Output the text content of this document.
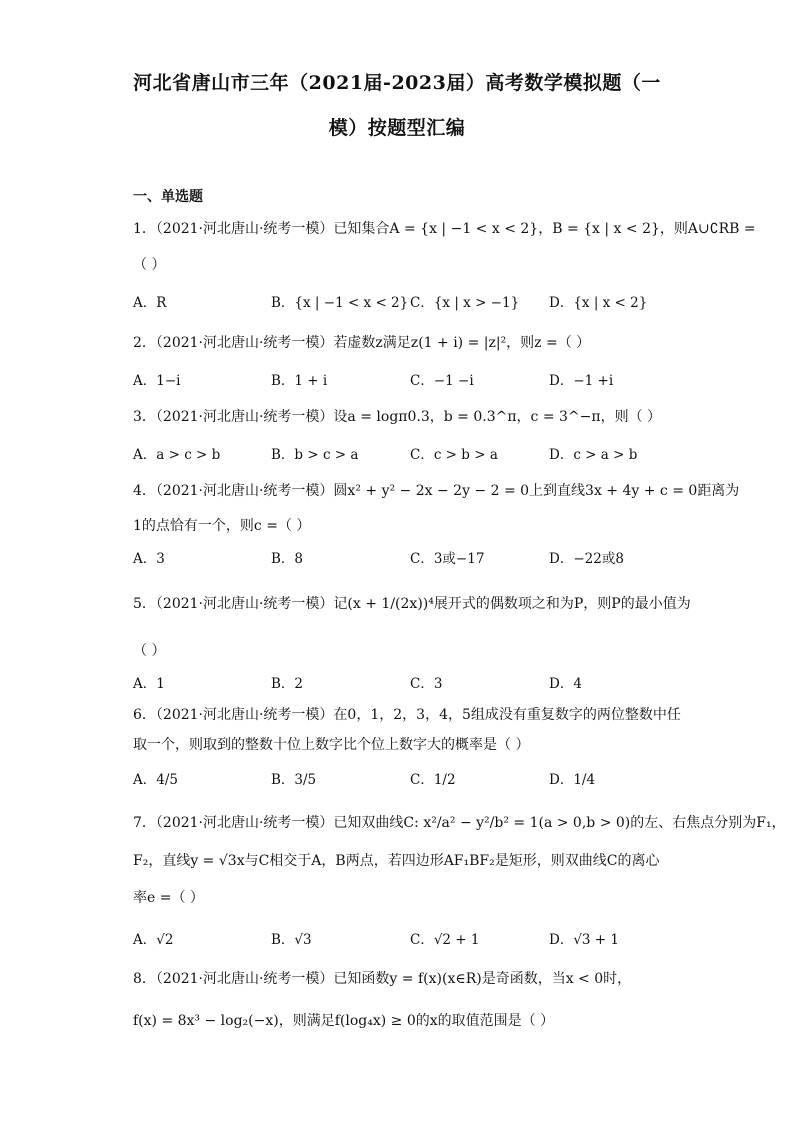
河北省唐山市三年（2021届-2023届）高考数学模拟题（一
模）按题型汇编
一、单选题
1．（2021·河北唐山·统考一模）已知集合A = {x | −1 < x < 2}，B = {x | x < 2}，则A∪∁RB =
（ ）
A．R	B．{x | −1 < x < 2} C．{x | x > −1} D．{x | x < 2}
2．（2021·河北唐山·统考一模）若虚数z满足z(1 + i) = |z|²，则z =（ ）
A．1−i	B．1 + i	C．−1 −i	D．−1 +i
3．（2021·河北唐山·统考一模）设a = logπ0.3，b = 0.3^π，c = 3^−π，则（ ）
A．a > c > b	B．b > c > a	C．c > b > a	D．c > a > b
4．（2021·河北唐山·统考一模）圆x² + y² − 2x − 2y − 2 = 0上到直线3x + 4y + c = 0距离为
1的点恰有一个，则c =（ ）
A．3	B．8	C．3或−17	D．−22或8
5．（2021·河北唐山·统考一模）记(x + 1/(2x))⁴展开式的偶数项之和为P，则P的最小值为
（ ）
A．1	B．2	C．3	D．4
6．（2021·河北唐山·统考一模）在0，1，2，3，4，5组成没有重复数字的两位整数中任
取一个，则取到的整数十位上数字比个位上数字大的概率是（ ）
A．4/5	B．3/5	C．1/2	D．1/4
7．（2021·河北唐山·统考一模）已知双曲线C: x²/a² − y²/b² = 1(a > 0,b > 0)的左、右焦点分别为F₁，
F₂，直线y = √3x与C相交于A，B两点，若四边形AF₁BF₂是矩形，则双曲线C的离心
率e =（ ）
A．√2	B．√3	C．√2 + 1	D．√3 + 1
8．（2021·河北唐山·统考一模）已知函数y = f(x)(x∈R)是奇函数，当x < 0时，
f(x) = 8x³ − log₂(−x)，则满足f(log₄x) ≥ 0的x的取值范围是（ ）
